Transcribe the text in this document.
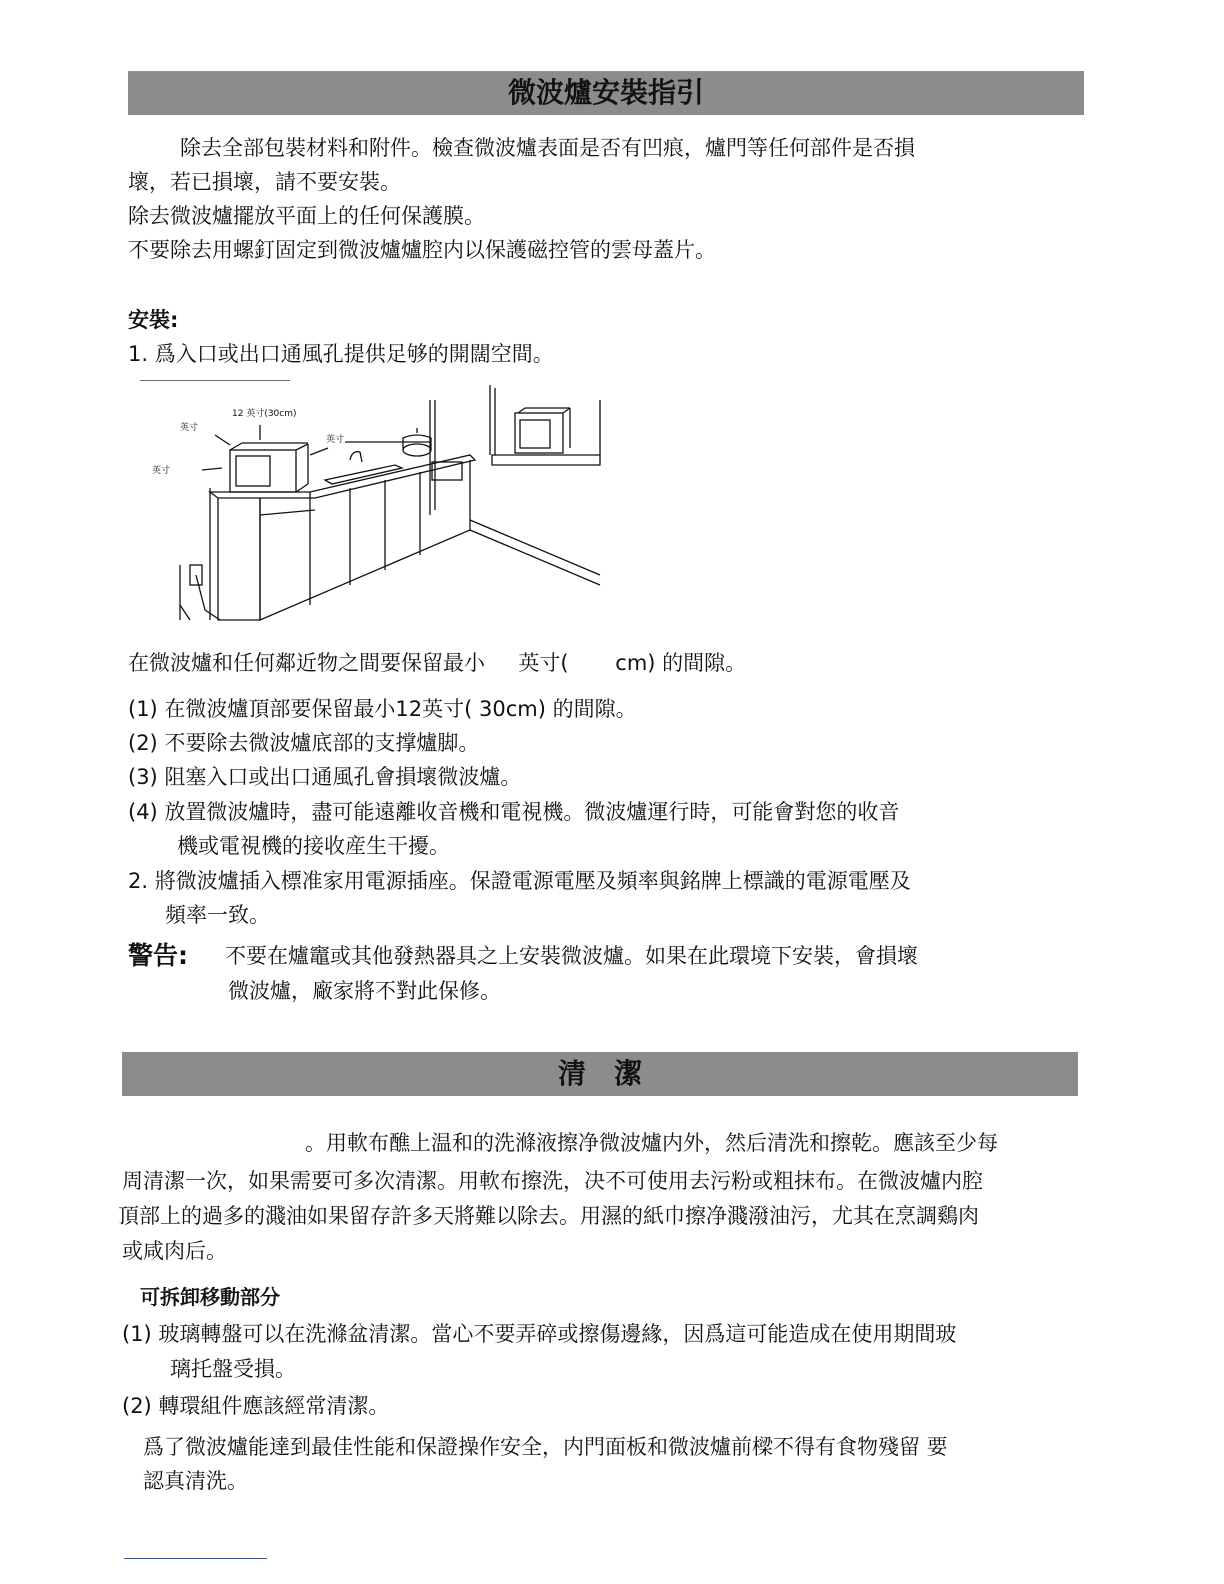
微波爐安裝指引
除去全部包裝材料和附件。檢查微波爐表面是否有凹痕，爐門等任何部件是否損
壞，若已損壞，請不要安裝。
除去微波爐擺放平面上的任何保護膜。
不要除去用螺釘固定到微波爐爐腔内以保護磁控管的雲母蓋片。
安裝:
1. 爲入口或出口通風孔提供足够的開闊空間。
12 英寸(30cm)
英寸
英寸
英寸
在微波爐和任何鄰近物之間要保留最小     英寸(       cm) 的間隙。
(1) 在微波爐頂部要保留最小12英寸( 30cm) 的間隙。
(2) 不要除去微波爐底部的支撑爐脚。
(3) 阻塞入口或出口通風孔會損壞微波爐。
(4) 放置微波爐時，盡可能遠離收音機和電視機。微波爐運行時，可能會對您的收音
機或電視機的接收産生干擾。
2. 將微波爐插入標准家用電源插座。保證電源電壓及頻率與銘牌上標識的電源電壓及
頻率一致。
警告: 不要在爐竈或其他發熱器具之上安裝微波爐。如果在此環境下安裝，會損壞
微波爐，廠家將不對此保修。
清　潔
。用軟布醮上温和的洗滌液擦净微波爐内外，然后清洗和擦乾。應該至少每
周清潔一次，如果需要可多次清潔。用軟布擦洗，决不可使用去污粉或粗抹布。在微波爐内腔
頂部上的過多的濺油如果留存許多天將難以除去。用濕的紙巾擦净濺潑油污，尤其在烹調鷄肉
或咸肉后。
可拆卸移動部分
(1) 玻璃轉盤可以在洗滌盆清潔。當心不要弄碎或擦傷邊緣，因爲這可能造成在使用期間玻
璃托盤受損。
(2) 轉環組件應該經常清潔。
爲了微波爐能達到最佳性能和保證操作安全，内門面板和微波爐前樑不得有食物殘留 要
認真清洗。
